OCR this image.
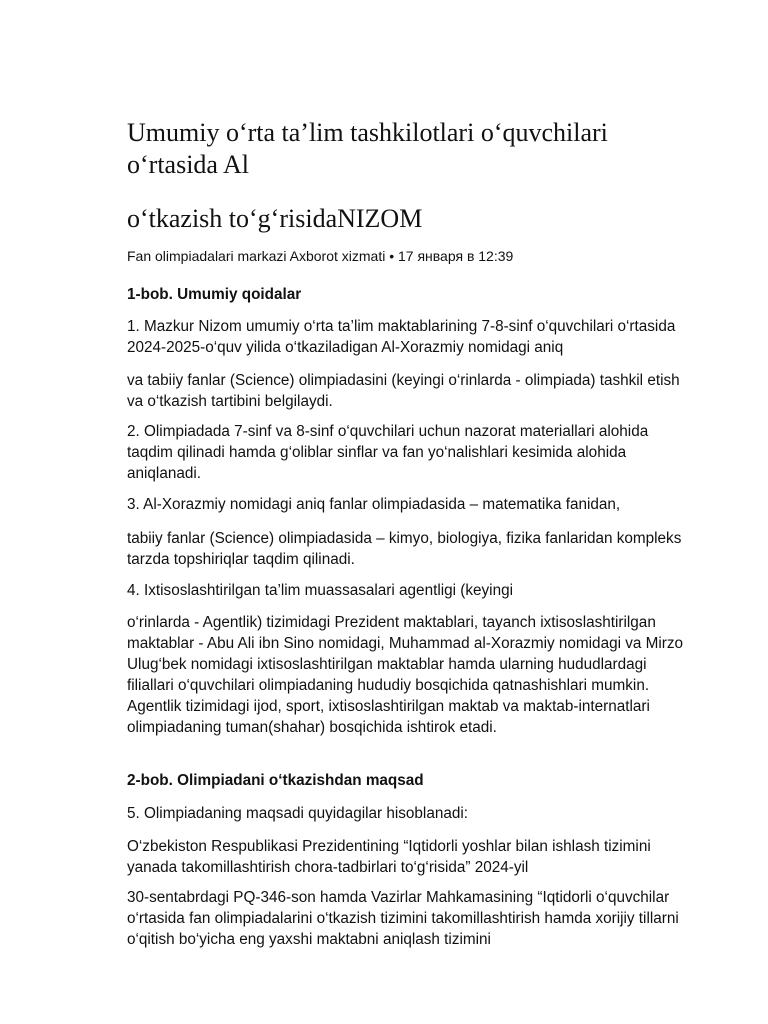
Umumiy o‘rta ta’lim tashkilotlari o‘quvchilari o‘rtasida Al
o‘tkazish to‘g‘risidaNIZOM
Fan olimpiadalari markazi Axborot xizmati • 17 января в 12:39

1-bob. Umumiy qoidalar

1. Mazkur Nizom umumiy o‘rta ta’lim maktablarining 7-8-sinf o‘quvchilari o‘rtasida 2024-2025-o‘quv yilida o‘tkaziladigan Al-Xorazmiy nomidagi aniq

va tabiiy fanlar (Science) olimpiadasini (keyingi o‘rinlarda - olimpiada) tashkil etish va o‘tkazish tartibini belgilaydi.

2. Olimpiadada 7-sinf va 8-sinf o‘quvchilari uchun nazorat materiallari alohida taqdim qilinadi hamda g‘oliblar sinflar va fan yo‘nalishlari kesimida alohida aniqlanadi.

3. Al-Xorazmiy nomidagi aniq fanlar olimpiadasida – matematika fanidan,

tabiiy fanlar (Science) olimpiadasida – kimyo, biologiya, fizika fanlaridan kompleks tarzda topshiriqlar taqdim qilinadi.

4. Ixtisoslashtirilgan ta’lim muassasalari agentligi (keyingi

o‘rinlarda - Agentlik) tizimidagi Prezident maktablari, tayanch ixtisoslashtirilgan maktablar - Abu Ali ibn Sino nomidagi, Muhammad al-Xorazmiy nomidagi va Mirzo Ulug‘bek nomidagi ixtisoslashtirilgan maktablar hamda ularning hududlardagi filiallari o‘quvchilari olimpiadaning hududiy bosqichida qatnashishlari mumkin. Agentlik tizimidagi ijod, sport, ixtisoslashtirilgan maktab va maktab-internatlari olimpiadaning tuman(shahar) bosqichida ishtirok etadi.

2-bob. Olimpiadani o‘tkazishdan maqsad

5. Olimpiadaning maqsadi quyidagilar hisoblanadi:

O‘zbekiston Respublikasi Prezidentining “Iqtidorli yoshlar bilan ishlash tizimini yanada takomillashtirish chora-tadbirlari to‘g‘risida” 2024-yil

30-sentabrdagi PQ-346-son hamda Vazirlar Mahkamasining “Iqtidorli o‘quvchilar o‘rtasida fan olimpiadalarini o‘tkazish tizimini takomillashtirish hamda xorijiy tillarni o‘qitish bo‘yicha eng yaxshi maktabni aniqlash tizimini
